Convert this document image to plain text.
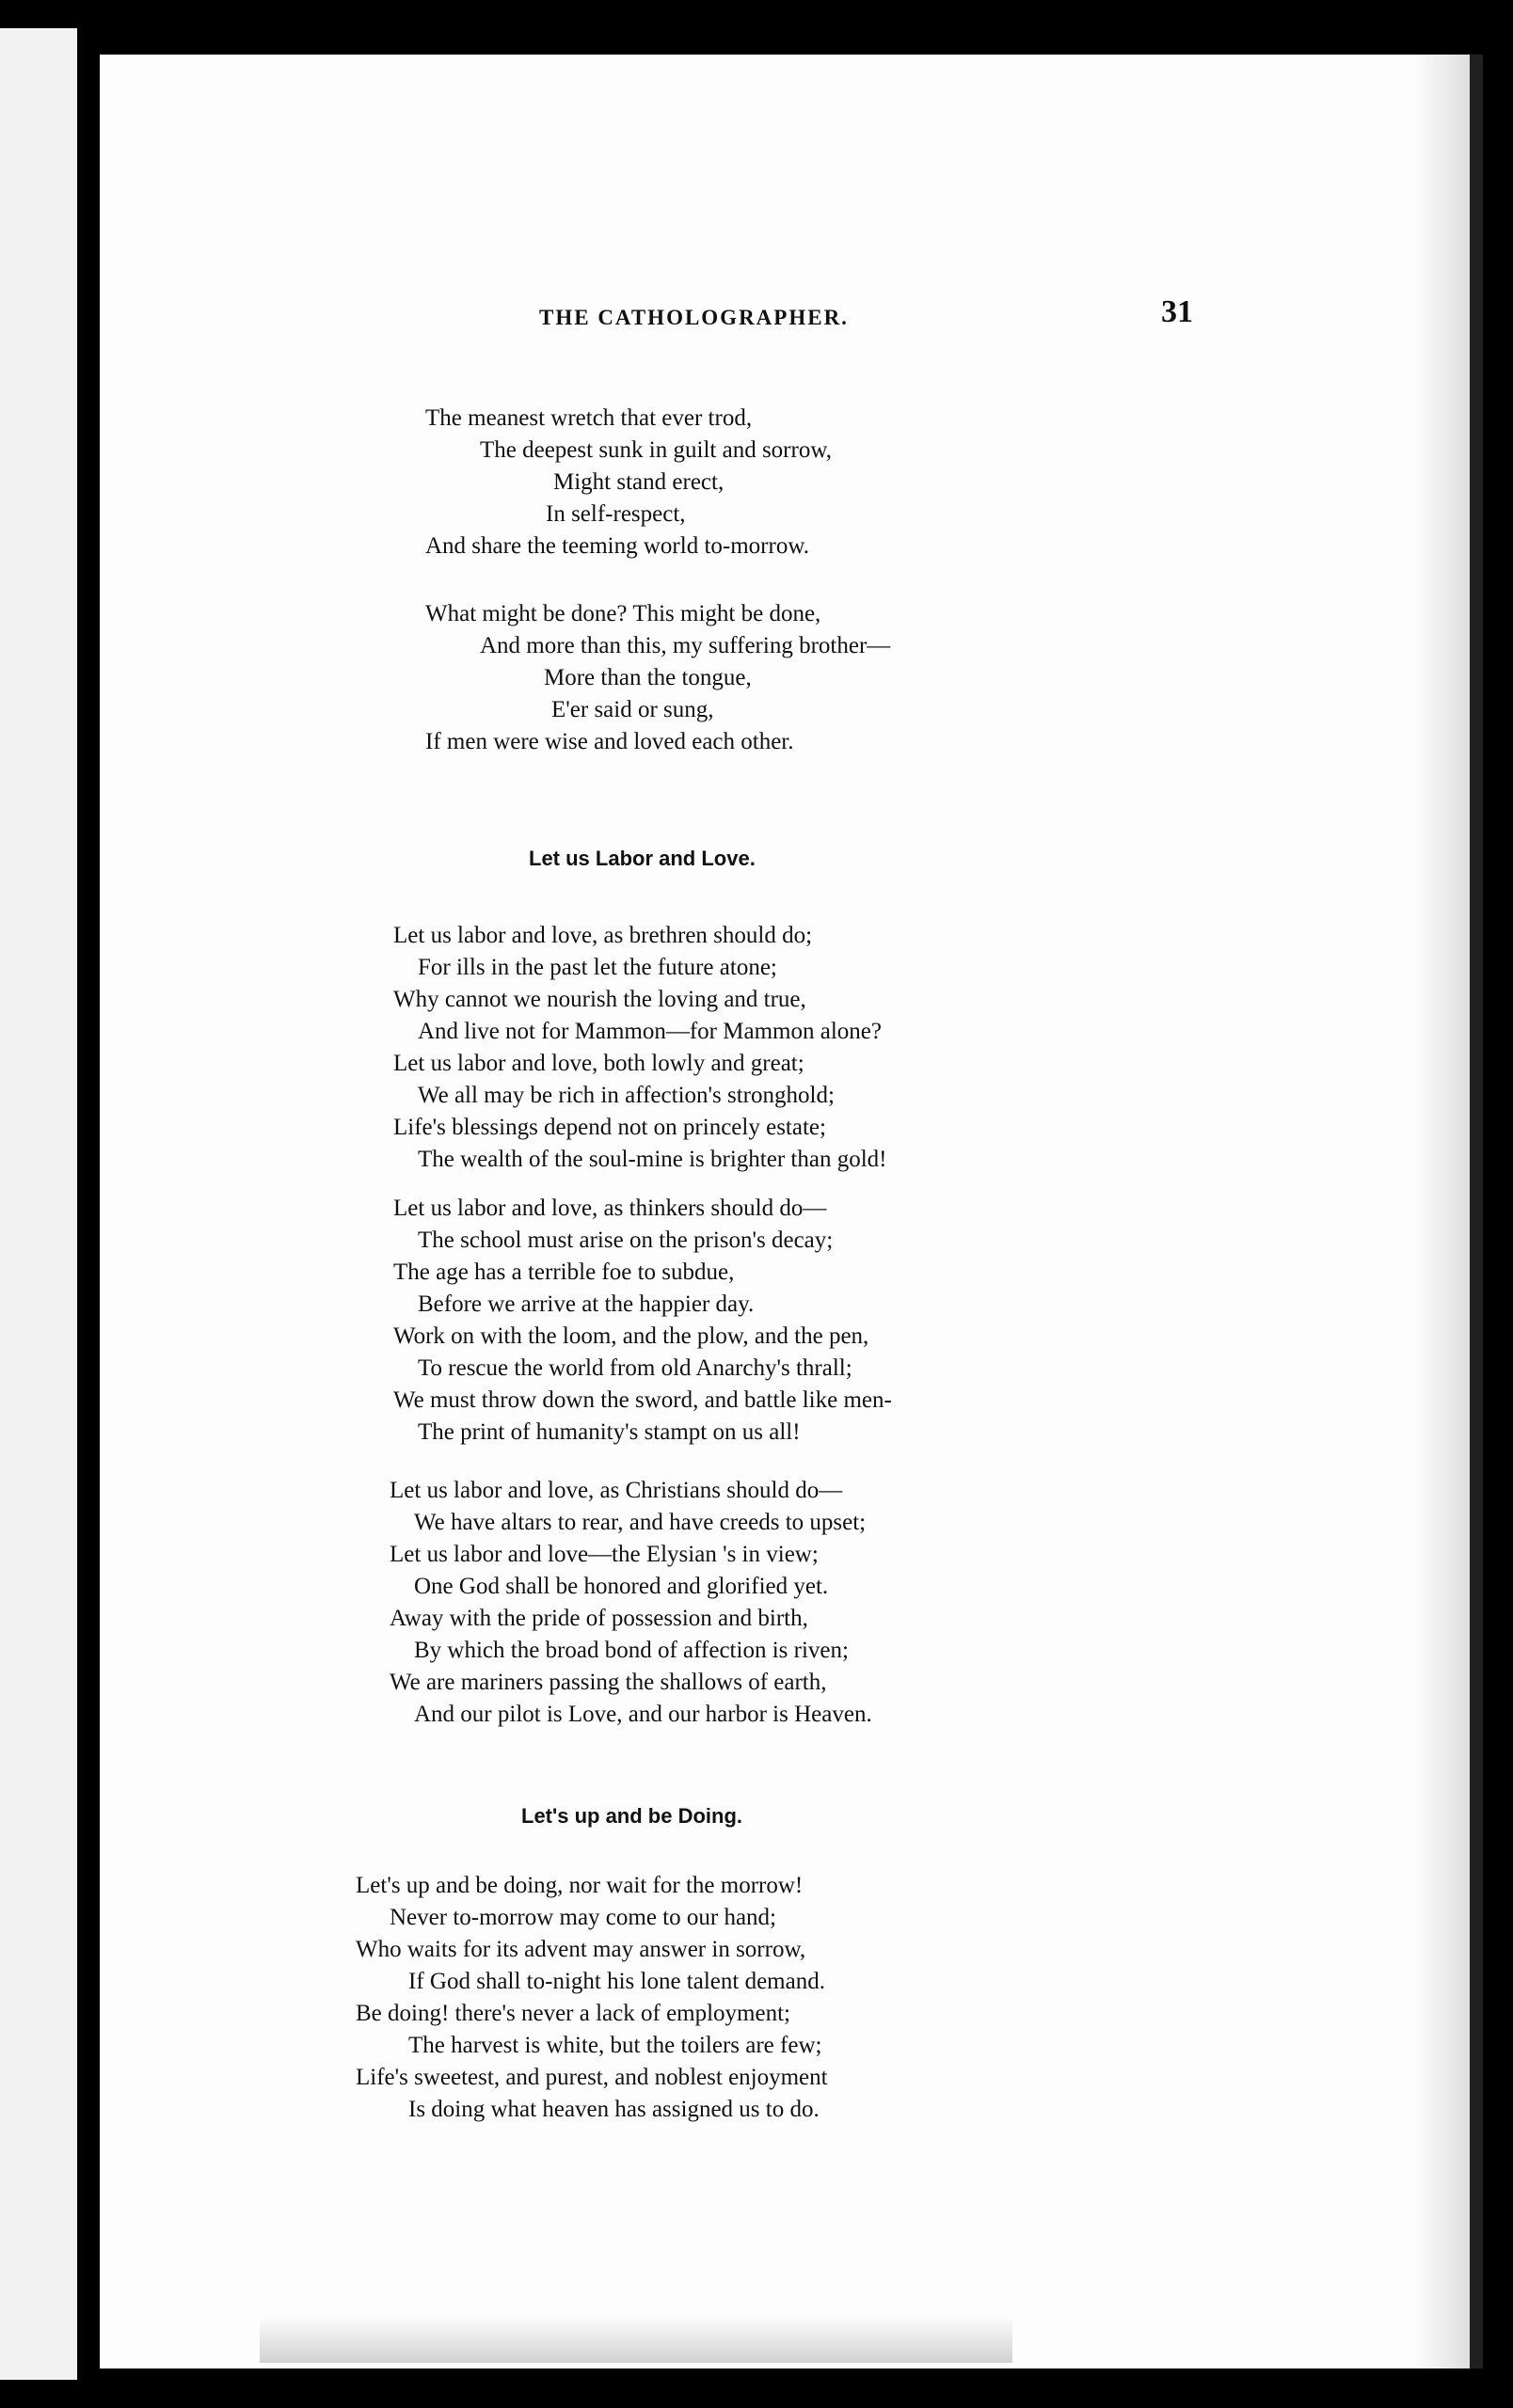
THE CATHOLOGRAPHER.	31
The meanest wretch that ever trod,
The deepest sunk in guilt and sorrow,
Might stand erect,
In self-respect,
And share the teeming world to-morrow.
What might be done? This might be done,
And more than this, my suffering brother—
More than the tongue,
E'er said or sung,
If men were wise and loved each other.
Let us Labor and Love.
Let us labor and love, as brethren should do;
For ills in the past let the future atone;
Why cannot we nourish the loving and true,
And live not for Mammon—for Mammon alone?
Let us labor and love, both lowly and great;
We all may be rich in affection's stronghold;
Life's blessings depend not on princely estate;
The wealth of the soul-mine is brighter than gold!
Let us labor and love, as thinkers should do—
The school must arise on the prison's decay;
The age has a terrible foe to subdue,
Before we arrive at the happier day.
Work on with the loom, and the plow, and the pen,
To rescue the world from old Anarchy's thrall;
We must throw down the sword, and battle like men-
The print of humanity's stampt on us all!
Let us labor and love, as Christians should do—
We have altars to rear, and have creeds to upset;
Let us labor and love—the Elysian 's in view;
One God shall be honored and glorified yet.
Away with the pride of possession and birth,
By which the broad bond of affection is riven;
We are mariners passing the shallows of earth,
And our pilot is Love, and our harbor is Heaven.
Let's up and be Doing.
Let's up and be doing, nor wait for the morrow!
Never to-morrow may come to our hand;
Who waits for its advent may answer in sorrow,
If God shall to-night his lone talent demand.
Be doing! there's never a lack of employment;
The harvest is white, but the toilers are few;
Life's sweetest, and purest, and noblest enjoyment
Is doing what heaven has assigned us to do.
